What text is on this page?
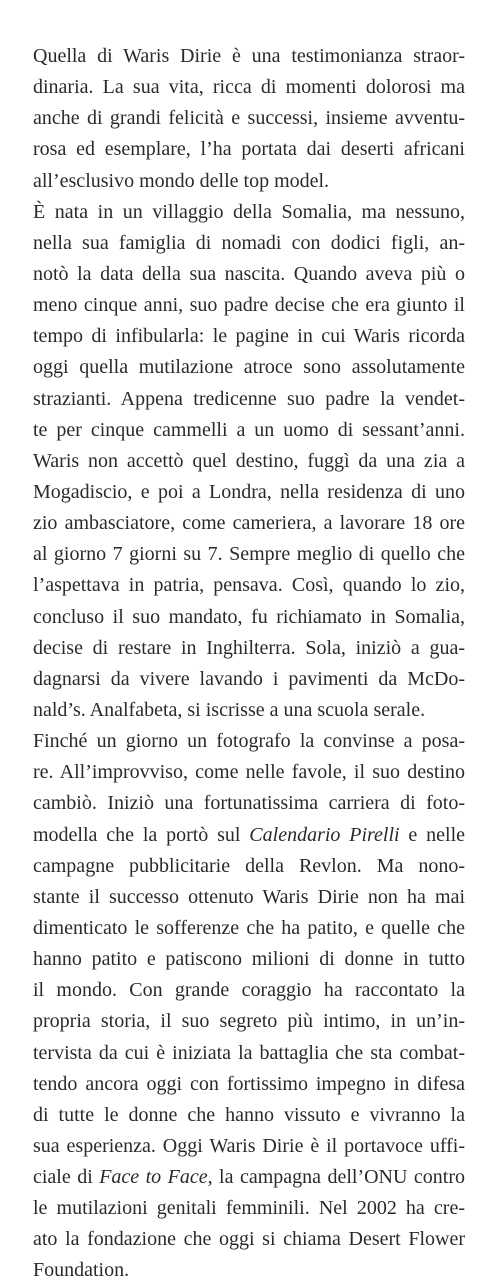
Quella di Waris Dirie è una testimonianza straor-
dinaria. La sua vita, ricca di momenti dolorosi ma
anche di grandi felicità e successi, insieme avventu-
rosa ed esemplare, l’ha portata dai deserti africani
all’esclusivo mondo delle top model.
È nata in un villaggio della Somalia, ma nessuno,
nella sua famiglia di nomadi con dodici figli, an-
notò la data della sua nascita. Quando aveva più o
meno cinque anni, suo padre decise che era giunto il
tempo di infibularla: le pagine in cui Waris ricorda
oggi quella mutilazione atroce sono assolutamente
strazianti. Appena tredicenne suo padre la vendet-
te per cinque cammelli a un uomo di sessant’anni.
Waris non accettò quel destino, fuggì da una zia a
Mogadiscio, e poi a Londra, nella residenza di uno
zio ambasciatore, come cameriera, a lavorare 18 ore
al giorno 7 giorni su 7. Sempre meglio di quello che
l’aspettava in patria, pensava. Così, quando lo zio,
concluso il suo mandato, fu richiamato in Somalia,
decise di restare in Inghilterra. Sola, iniziò a gua-
dagnarsi da vivere lavando i pavimenti da McDo-
nald’s. Analfabeta, si iscrisse a una scuola serale.
Finché un giorno un fotografo la convinse a posa-
re. All’improvviso, come nelle favole, il suo destino
cambiò. Iniziò una fortunatissima carriera di foto-
modella che la portò sul Calendario Pirelli e nelle
campagne pubblicitarie della Revlon. Ma nono-
stante il successo ottenuto Waris Dirie non ha mai
dimenticato le sofferenze che ha patito, e quelle che
hanno patito e patiscono milioni di donne in tutto
il mondo. Con grande coraggio ha raccontato la
propria storia, il suo segreto più intimo, in un’in-
tervista da cui è iniziata la battaglia che sta combat-
tendo ancora oggi con fortissimo impegno in difesa
di tutte le donne che hanno vissuto e vivranno la
sua esperienza. Oggi Waris Dirie è il portavoce uffi-
ciale di Face to Face, la campagna dell’ONU contro
le mutilazioni genitali femminili. Nel 2002 ha cre-
ato la fondazione che oggi si chiama Desert Flower
Foundation.
